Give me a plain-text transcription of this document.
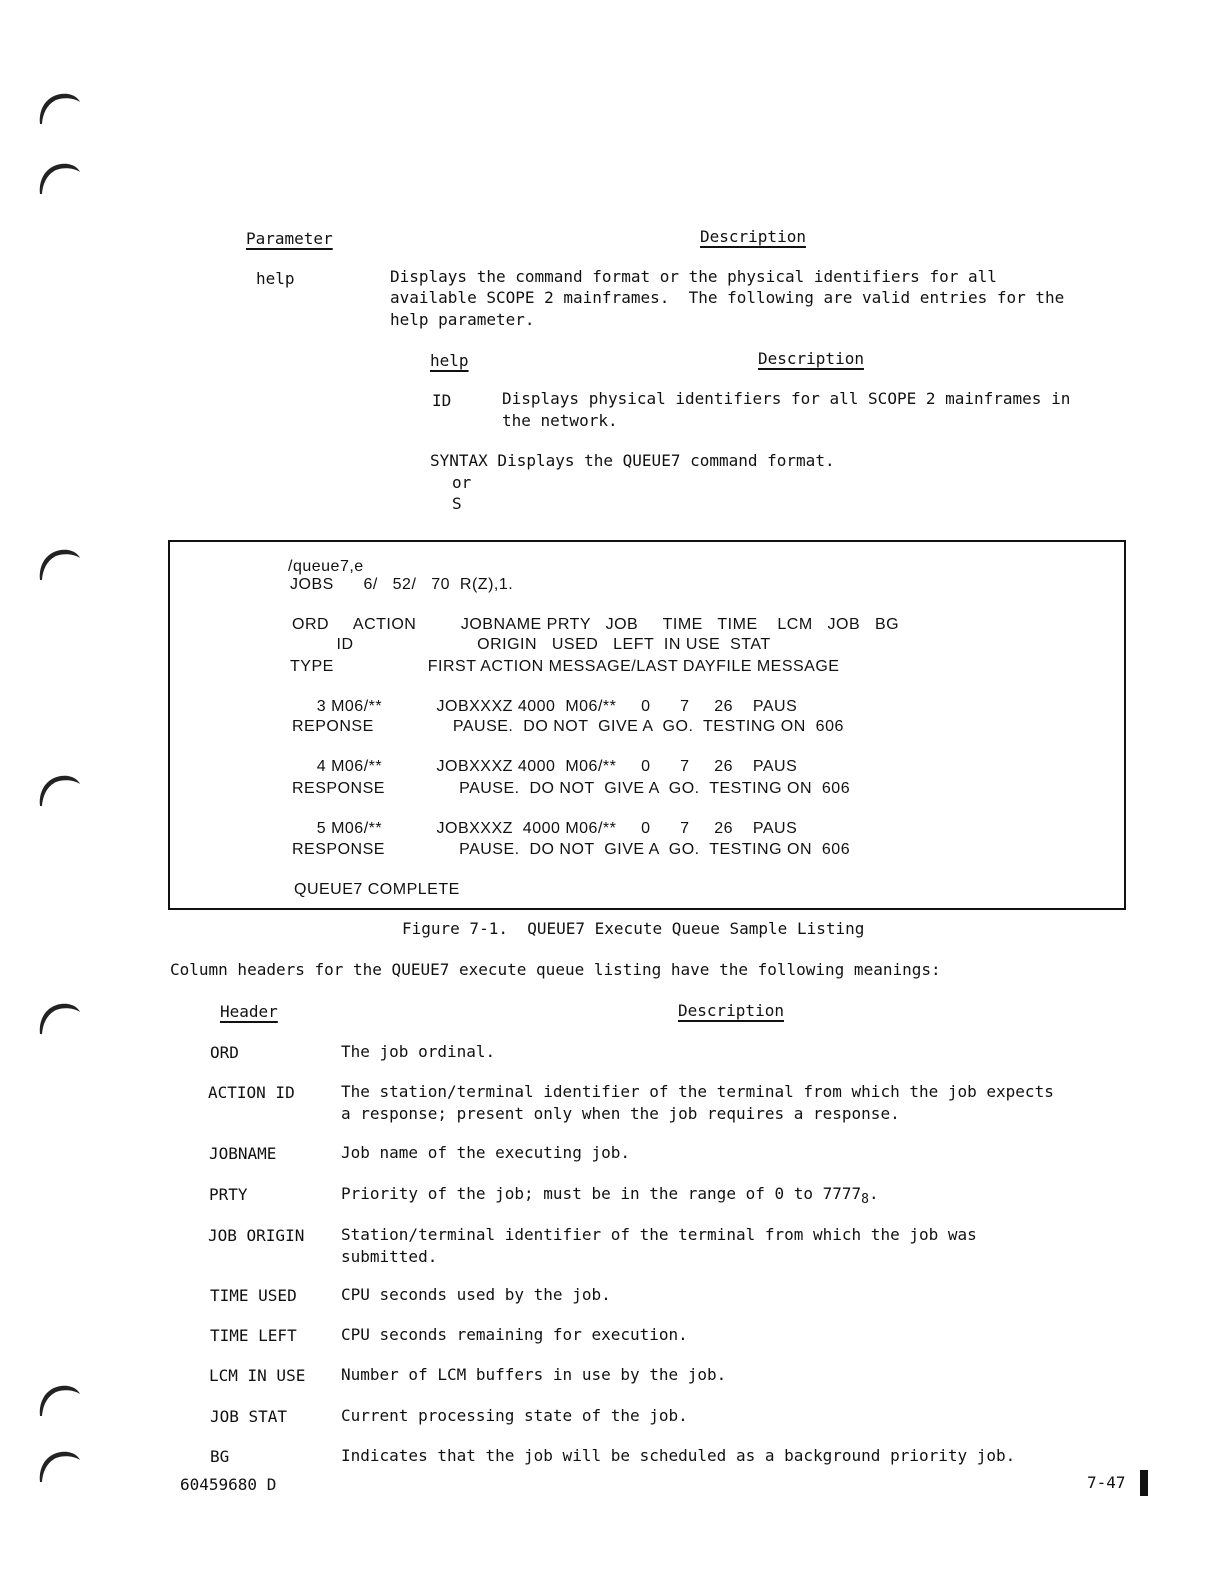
Parameter	Description
help	Displays the command format or the physical identifiers for all
available SCOPE 2 mainframes.  The following are valid entries for the
help parameter.
help	Description
ID	Displays physical identifiers for all SCOPE 2 mainframes in
the network.
SYNTAX Displays the QUEUE7 command format.
or
S
/queue7,e
JOBS      6/   52/   70  R(Z),1.
ORD     ACTION         JOBNAME PRTY   JOB     TIME   TIME    LCM   JOB   BG
ID                         ORIGIN   USED   LEFT  IN USE  STAT
TYPE                   FIRST ACTION MESSAGE/LAST DAYFILE MESSAGE
3 M06/**           JOBXXXZ 4000  M06/**     0      7     26    PAUS
REPONSE                PAUSE.  DO NOT  GIVE A  GO.  TESTING ON  606
4 M06/**           JOBXXXZ 4000  M06/**     0      7     26    PAUS
RESPONSE               PAUSE.  DO NOT  GIVE A  GO.  TESTING ON  606
5 M06/**           JOBXXXZ  4000 M06/**     0      7     26    PAUS
RESPONSE               PAUSE.  DO NOT  GIVE A  GO.  TESTING ON  606
QUEUE7 COMPLETE
Figure 7-1.  QUEUE7 Execute Queue Sample Listing
Column headers for the QUEUE7 execute queue listing have the following meanings:
Header	Description
ORD	The job ordinal.
ACTION ID	The station/terminal identifier of the terminal from which the job expects
a response; present only when the job requires a response.
JOBNAME	Job name of the executing job.
PRTY	Priority of the job; must be in the range of 0 to $7777_8$.
JOB ORIGIN Station/terminal identifier of the terminal from which the job was
submitted.
TIME USED	CPU seconds used by the job.
TIME LEFT	CPU seconds remaining for execution.
LCM IN USE Number of LCM buffers in use by the job.
JOB STAT	Current processing state of the job.
BG	Indicates that the job will be scheduled as a background priority job.
60459680 D	7-47
